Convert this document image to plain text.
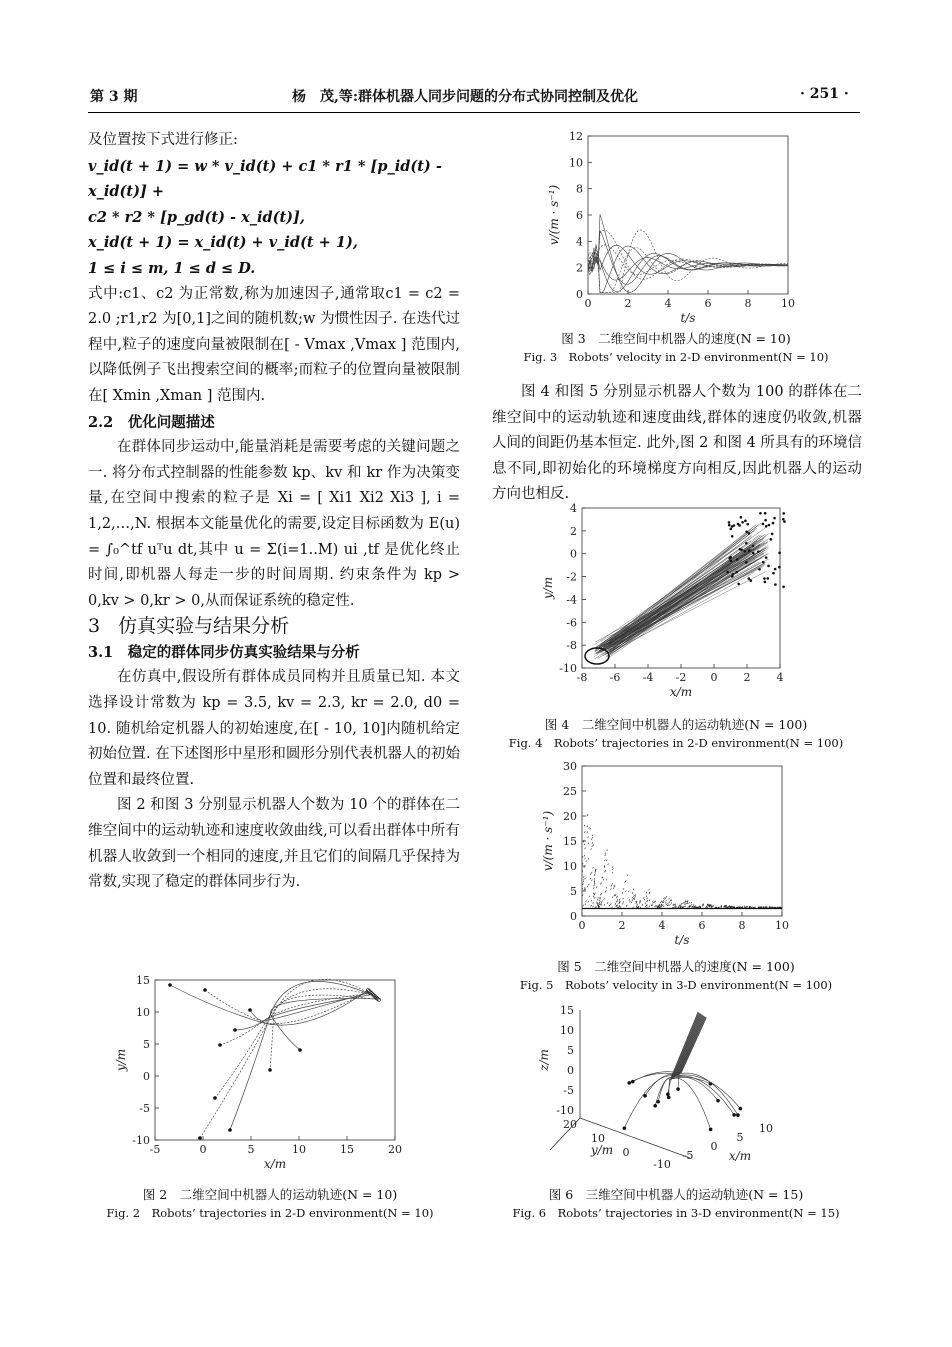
第 3 期	杨　茂,等:群体机器人同步问题的分布式协同控制及优化	· 251 ·

及位置按下式进行修正:

v_id(t + 1) = w * v_id(t) + c1 * r1 * [p_id(t) - x_id(t)] +

c2 * r2 * [p_gd(t) - x_id(t)],

x_id(t + 1) = x_id(t) + v_id(t + 1),

1 ≤ i ≤ m, 1 ≤ d ≤ D.

式中:c1、c2 为正常数,称为加速因子,通常取c1 = c2 = 2.0 ;r1,r2 为[0,1]之间的随机数;w 为惯性因子. 在迭代过程中,粒子的速度向量被限制在[ - Vmax ,Vmax ] 范围内,以降低例子飞出搜索空间的概率;而粒子的位置向量被限制在[ Xmin ,Xman ] 范围内.

2.2　优化问题描述

在群体同步运动中,能量消耗是需要考虑的关键问题之一. 将分布式控制器的性能参数 kp、kv 和 kr 作为决策变量,在空间中搜索的粒子是 Xi = [ Xi1 Xi2 Xi3 ], i = 1,2,…,N. 根据本文能量优化的需要,设定目标函数为 E(u) = ∫₀^tf uᵀu dt,其中 u = Σ(i=1..M) ui ,tf 是优化终止时间,即机器人每走一步的时间周期. 约束条件为 kp > 0,kv > 0,kr > 0,从而保证系统的稳定性.

3 仿真实验与结果分析

3.1　稳定的群体同步仿真实验结果与分析

在仿真中,假设所有群体成员同构并且质量已知. 本文选择设计常数为 kp = 3.5, kv = 2.3, kr = 2.0, d0 = 10. 随机给定机器人的初始速度,在[ - 10, 10]内随机给定初始位置. 在下述图形中星形和圆形分别代表机器人的初始位置和最终位置.

图 2 和图 3 分别显示机器人个数为 10 个的群体在二维空间中的运动轨迹和速度收敛曲线,可以看出群体中所有机器人收敛到一个相同的速度,并且它们的间隔几乎保持为常数,实现了稳定的群体同步行为.

图 4 和图 5 分别显示机器人个数为 100 的群体在二维空间中的运动轨迹和速度曲线,群体的速度仍收敛,机器人间的间距仍基本恒定. 此外,图 2 和图 4 所具有的环境信息不同,即初始化的环境梯度方向相反,因此机器人的运动方向也相反.

15
10
5
0
-5
-10
-5	0	5	10	15	20
x/m
y/m
图 2　二维空间中机器人的运动轨迹(N = 10)
Fig. 2　Robots’ trajectories in 2-D environment(N = 10)
12
10
8
6
4
2
0
0	2	4	6	8	10
t/s
v/(m · s⁻¹)
图 3　二维空间中机器人的速度(N = 10)
Fig. 3　Robots’ velocity in 2-D environment(N = 10)
4
2
0
-2
-4
-6
-8
-10
-8 -6 -4 -2 0 2 4
x/m
y/m
图 4　二维空间中机器人的运动轨迹(N = 100)
Fig. 4　Robots’ trajectories in 2-D environment(N = 100)
30
25
20
15
10
5
0
0	2	4	6	8	10
t/s
v/(m · s⁻¹)
图 5　二维空间中机器人的速度(N = 100)
Fig. 5　Robots’ velocity in 3-D environment(N = 100)
15
10
5
0
-5
-10
20
10
0
-10
-5
0
5
10
z/m
y/m	x/m
图 6　三维空间中机器人的运动轨迹(N = 15)
Fig. 6　Robots’ trajectories in 3-D environment(N = 15)
